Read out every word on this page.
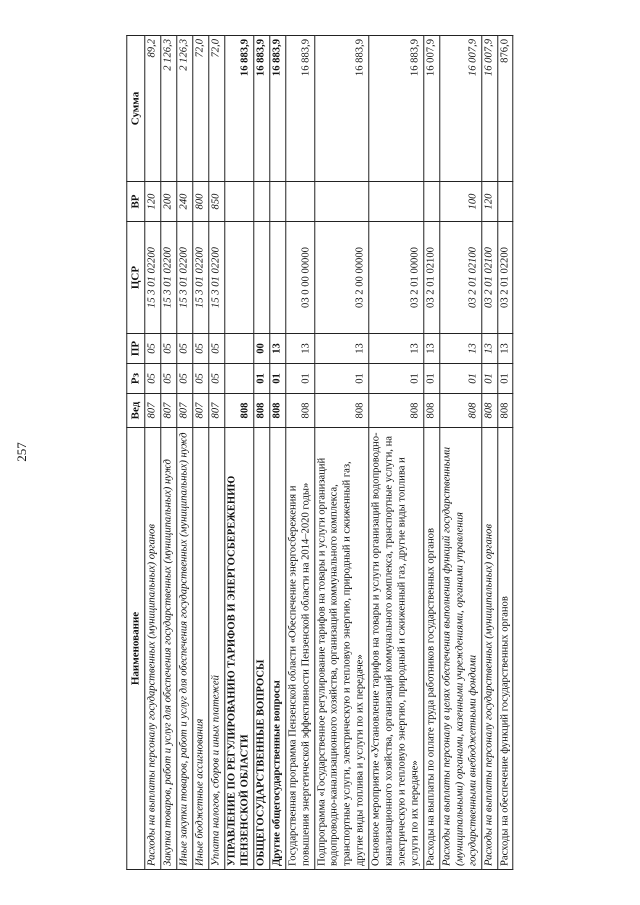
257
Наименование	Вед	Рз	ПР	ЦСР	ВР	Сумма
Расходы на выплаты персоналу государственных (муниципальных) органов	807	05	05	15 3 01 02200	120	89,2
Закупка товаров, работ и услуг для обеспечения государственных (муниципальных) нужд	807	05	05	15 3 01 02200	200	2 126,3
Иные закупки товаров, работ и услуг для обеспечения государственных (муниципальных) нужд	807	05	05	15 3 01 02200	240	2 126,3
Иные бюджетные ассигнования	807	05	05	15 3 01 02200	800	72,0
Уплата налогов, сборов и иных платежей	807	05	05	15 3 01 02200	850	72,0
УПРАВЛЕНИЕ ПО РЕГУЛИРОВАНИЮ ТАРИФОВ И ЭНЕРГОСБЕРЕЖЕНИЮ ПЕНЗЕНСКОЙ ОБЛАСТИ	808					16 883,9
ОБЩЕГОСУДАРСТВЕННЫЕ ВОПРОСЫ	808	01	00			16 883,9
Другие общегосударственные вопросы	808	01	13			16 883,9
Государственная программа Пензенской области «Обеспечение энергосбережения и повышения энергетической эффективности Пензенской области на 2014–2020 годы»	808	01	13	03 0 00 00000		16 883,9
Подпрограмма «Государственное регулирование тарифов на товары и услуги организаций водопроводно-канализационного хозяйства, организаций коммунального комплекса, транспортные услуги, электрическую и тепловую энергию, природный и сжиженный газ, другие виды топлива и услуги по их передаче»	808	01	13	03 2 00 00000		16 883,9
Основное мероприятие «Установление тарифов на товары и услуги организаций водопроводно-канализационного хозяйства, организаций коммунального комплекса, транспортные услуги, на электрическую и тепловую энергию, природный и сжиженный газ, другие виды топлива и услуги по их передаче»	808	01	13	03 2 01 00000		16 883,9
Расходы на выплаты по оплате труда работников государственных органов	808	01	13	03 2 01 02100		16 007,9
Расходы на выплаты персоналу в целях обеспечения выполнения функций государственными (муниципальными) органами, казенными учреждениями, органами управления государственными внебюджетными фондами	808	01	13	03 2 01 02100	100	16 007,9
Расходы на выплаты персоналу государственных (муниципальных) органов	808	01	13	03 2 01 02100	120	16 007,9
Расходы на обеспечение функций государственных органов	808	01	13	03 2 01 02200		876,0
